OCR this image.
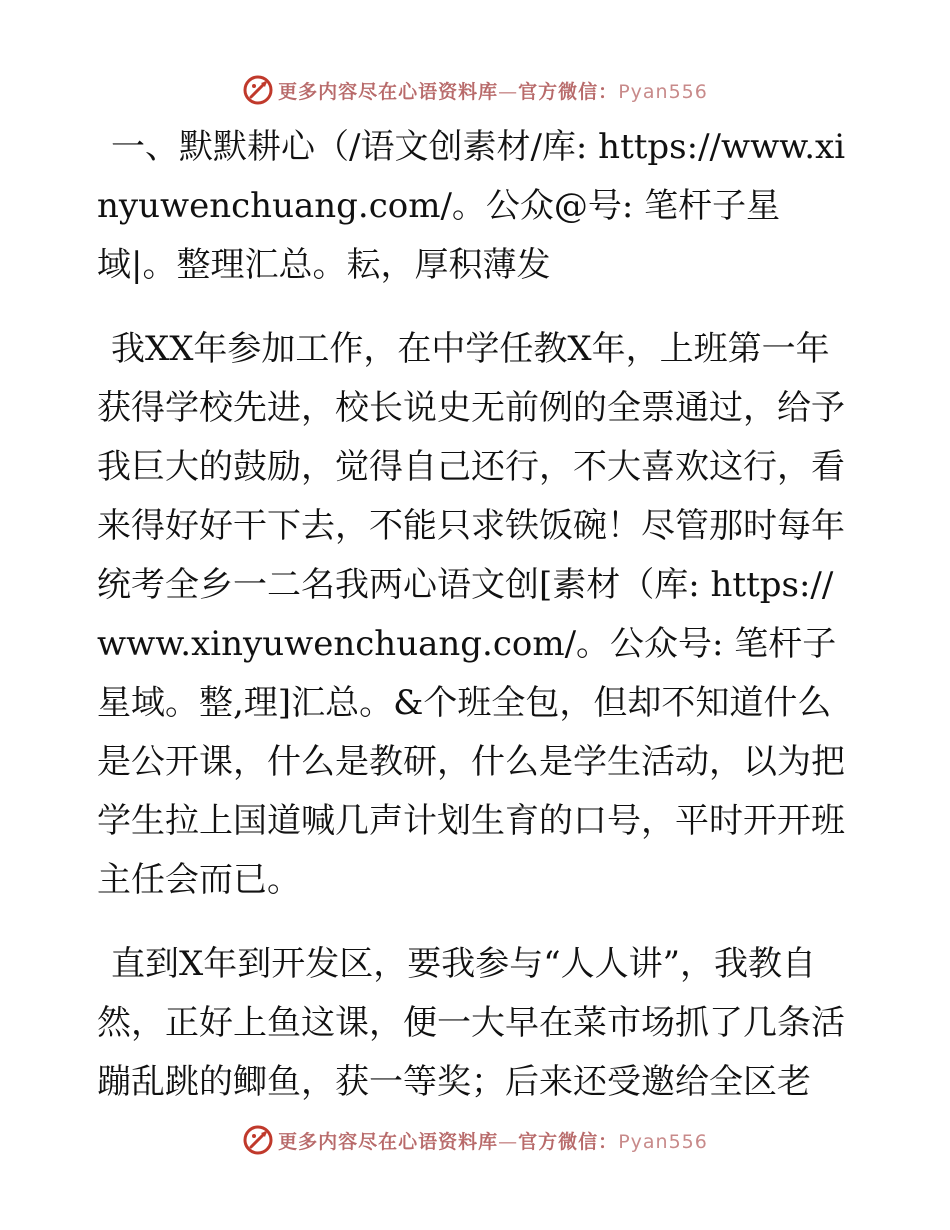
更多内容尽在心语资料库—官方微信：Pyan556

一、默默耕心（/语文创素材/库: https://www.xinyuwenchuang.com/。公众@号: 笔杆子星域|。整理汇总。耘，厚积薄发

我XX年参加工作，在中学任教X年，上班第一年获得学校先进，校长说史无前例的全票通过，给予我巨大的鼓励，觉得自己还行，不大喜欢这行，看来得好好干下去，不能只求铁饭碗！尽管那时每年统考全乡一二名我两心语文创[素材（库: https://www.xinyuwenchuang.com/。公众号: 笔杆子星域。整,理]汇总。&个班全包，但却不知道什么是公开课，什么是教研，什么是学生活动，以为把学生拉上国道喊几声计划生育的口号，平时开开班主任会而已。

直到X年到开发区，要我参与“人人讲”，我教自然，正好上鱼这课，便一大早在菜市场抓了几条活蹦乱跳的鲫鱼，获一等奖；后来还受邀给全区老

更多内容尽在心语资料库—官方微信：Pyan556
